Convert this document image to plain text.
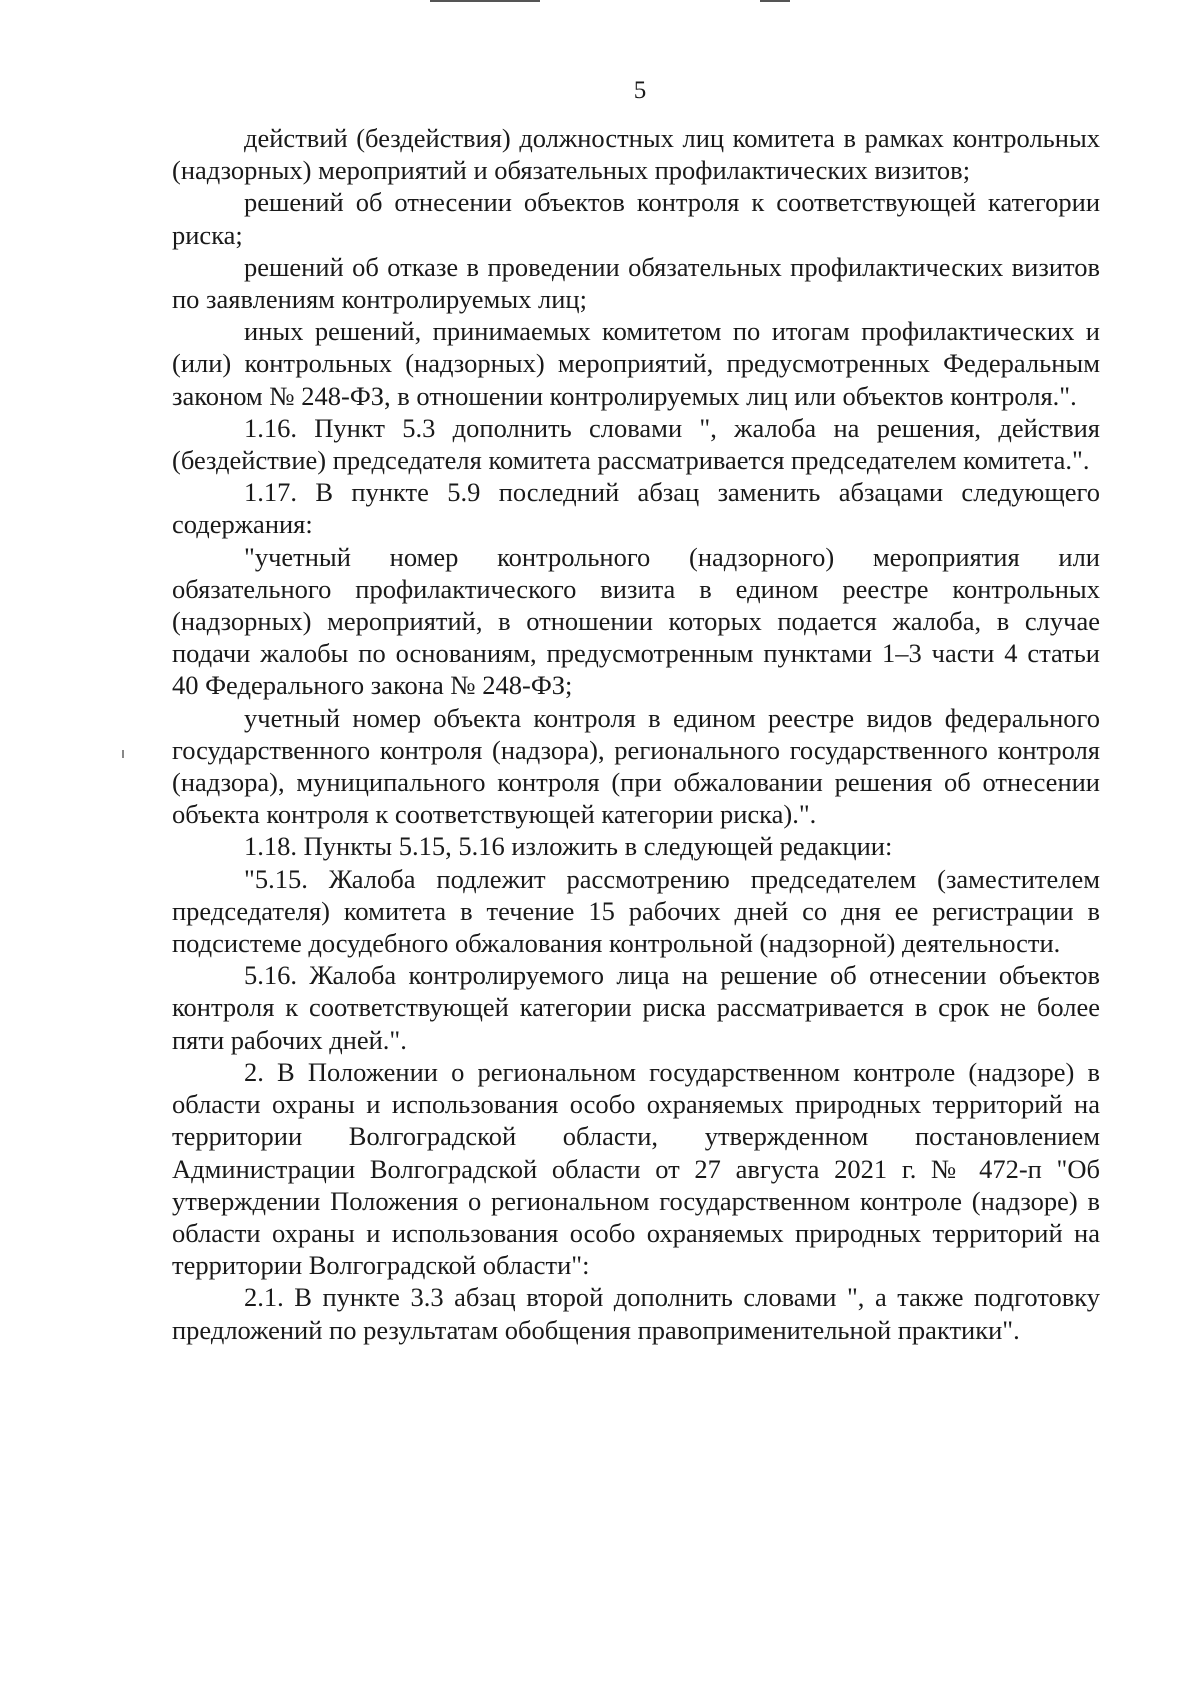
5

действий (бездействия) должностных лиц комитета в рамках контрольных (надзорных) мероприятий и обязательных профилактических визитов;

решений об отнесении объектов контроля к соответствующей категории риска;

решений об отказе в проведении обязательных профилактических визитов по заявлениям контролируемых лиц;

иных решений, принимаемых комитетом по итогам профилактических и (или) контрольных (надзорных) мероприятий, предусмотренных Федеральным законом № 248-ФЗ, в отношении контролируемых лиц или объектов контроля.".

1.16. Пункт 5.3 дополнить словами ", жалоба на решения, действия (бездействие) председателя комитета рассматривается председателем комитета.".

1.17. В пункте 5.9 последний абзац заменить абзацами следующего содержания:

"учетный номер контрольного (надзорного) мероприятия или обязательного профилактического визита в едином реестре контрольных (надзорных) мероприятий, в отношении которых подается жалоба, в случае подачи жалобы по основаниям, предусмотренным пунктами 1–3 части 4 статьи 40 Федерального закона № 248-ФЗ;

учетный номер объекта контроля в едином реестре видов федерального государственного контроля (надзора), регионального государственного контроля (надзора), муниципального контроля (при обжаловании решения об отнесении объекта контроля к соответствующей категории риска).".

1.18. Пункты 5.15, 5.16 изложить в следующей редакции:

"5.15. Жалоба подлежит рассмотрению председателем (заместителем председателя) комитета в течение 15 рабочих дней со дня ее регистрации в подсистеме досудебного обжалования контрольной (надзорной) деятельности.

5.16. Жалоба контролируемого лица на решение об отнесении объектов контроля к соответствующей категории риска рассматривается в срок не более пяти рабочих дней.".

2. В Положении о региональном государственном контроле (надзоре) в области охраны и использования особо охраняемых природных территорий на территории Волгоградской области, утвержденном постановлением Администрации Волгоградской области от 27 августа 2021 г. № 472-п "Об утверждении Положения о региональном государственном контроле (надзоре) в области охраны и использования особо охраняемых природных территорий на территории Волгоградской области":

2.1. В пункте 3.3 абзац второй дополнить словами ", а также подготовку предложений по результатам обобщения правоприменительной практики".
